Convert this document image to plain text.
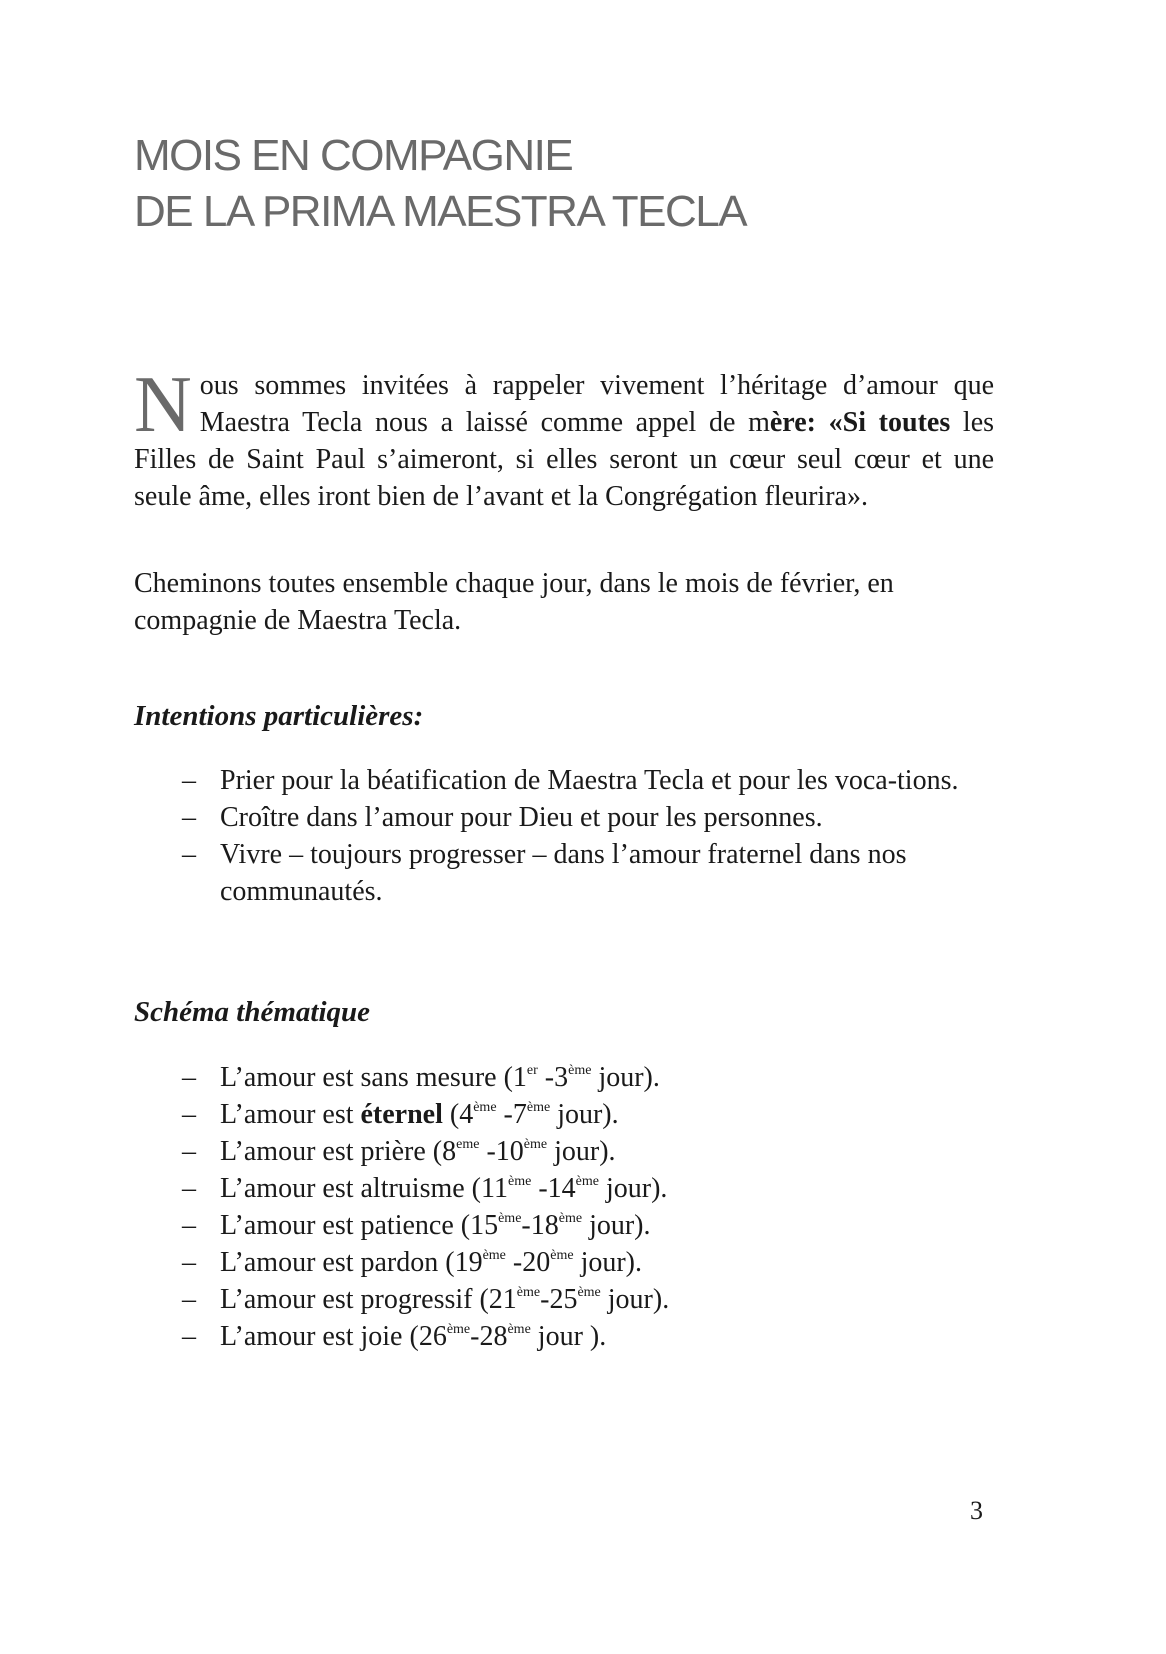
MOIS EN COMPAGNIE
DE LA PRIMA MAESTRA TECLA

Nous sommes invitées à rappeler vivement l’héritage d’amour que Maestra Tecla nous a laissé comme appel de mère: «Si toutes les Filles de Saint Paul s’aimeront, si elles seront un cœur seul cœur et une seule âme, elles iront bien de l’avant et la Congrégation fleurira».

Cheminons toutes ensemble chaque jour, dans le mois de février, en compagnie de Maestra Tecla.

Intentions particulières:
– Prier pour la béatification de Maestra Tecla et pour les voca-tions.
– Croître dans l’amour pour Dieu et pour les personnes.
– Vivre – toujours progresser – dans l’amour fraternel dans nos communautés.
Schéma thématique
– L’amour est sans mesure (1er -3ème jour).
– L’amour est éternel (4ème -7ème jour).
– L’amour est prière (8eme -10ème jour).
– L’amour est altruisme (11ème -14ème jour).
– L’amour est patience (15ème-18ème jour).
– L’amour est pardon (19ème -20ème jour).
– L’amour est progressif (21ème-25ème jour).
– L’amour est joie (26ème-28ème jour ).
3
